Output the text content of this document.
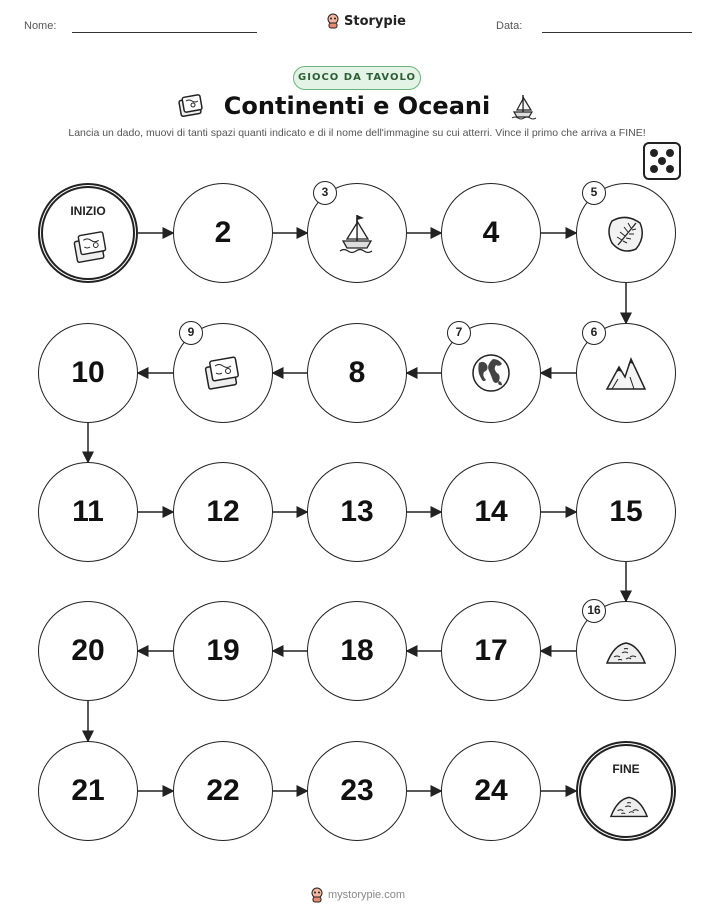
Nome:	Storypie	Data:
GIOCO DA TAVOLO
Continenti e Oceani
Lancia un dado, muovi di tanti spazi quanti indicato e di il nome dell'immagine su cui atterri. Vince il primo che arriva a FINE!
INIZIO
2
3
4
5
6
7
8
9
10
11	12	13	14	15
16
17
18
19
20
21	22	23	24
FINE
mystorypie.com
